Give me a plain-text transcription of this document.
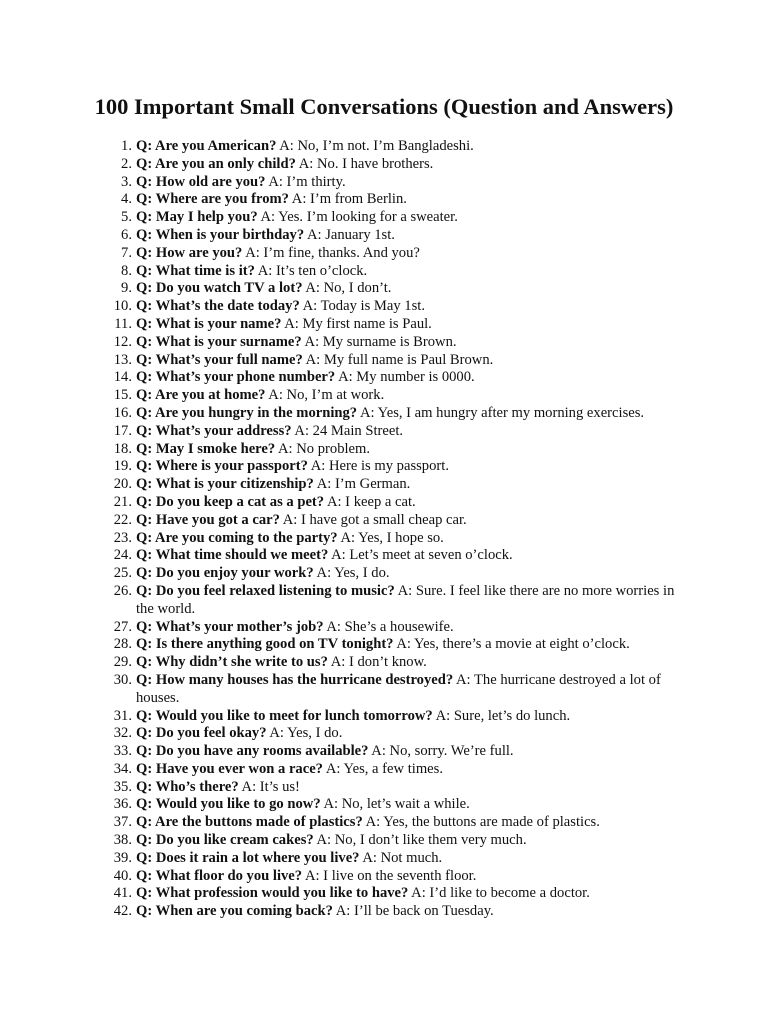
100 Important Small Conversations (Question and Answers)
1. Q: Are you American? A: No, I’m not. I’m Bangladeshi.
2. Q: Are you an only child? A: No. I have brothers.
3. Q: How old are you? A: I’m thirty.
4. Q: Where are you from? A: I’m from Berlin.
5. Q: May I help you? A: Yes. I’m looking for a sweater.
6. Q: When is your birthday? A: January 1st.
7. Q: How are you? A: I’m fine, thanks. And you?
8. Q: What time is it? A: It’s ten o’clock.
9. Q: Do you watch TV a lot? A: No, I don’t.
10. Q: What’s the date today? A: Today is May 1st.
11. Q: What is your name? A: My first name is Paul.
12. Q: What is your surname? A: My surname is Brown.
13. Q: What’s your full name? A: My full name is Paul Brown.
14. Q: What’s your phone number? A: My number is 0000.
15. Q: Are you at home? A: No, I’m at work.
16. Q: Are you hungry in the morning? A: Yes, I am hungry after my morning exercises.
17. Q: What’s your address? A: 24 Main Street.
18. Q: May I smoke here? A: No problem.
19. Q: Where is your passport? A: Here is my passport.
20. Q: What is your citizenship? A: I’m German.
21. Q: Do you keep a cat as a pet? A: I keep a cat.
22. Q: Have you got a car? A: I have got a small cheap car.
23. Q: Are you coming to the party? A: Yes, I hope so.
24. Q: What time should we meet? A: Let’s meet at seven o’clock.
25. Q: Do you enjoy your work? A: Yes, I do.
26. Q: Do you feel relaxed listening to music? A: Sure. I feel like there are no more worries in the world.
27. Q: What’s your mother’s job? A: She’s a housewife.
28. Q: Is there anything good on TV tonight? A: Yes, there’s a movie at eight o’clock.
29. Q: Why didn’t she write to us? A: I don’t know.
30. Q: How many houses has the hurricane destroyed? A: The hurricane destroyed a lot of houses.
31. Q: Would you like to meet for lunch tomorrow? A: Sure, let’s do lunch.
32. Q: Do you feel okay? A: Yes, I do.
33. Q: Do you have any rooms available? A: No, sorry. We’re full.
34. Q: Have you ever won a race? A: Yes, a few times.
35. Q: Who’s there? A: It’s us!
36. Q: Would you like to go now? A: No, let’s wait a while.
37. Q: Are the buttons made of plastics? A: Yes, the buttons are made of plastics.
38. Q: Do you like cream cakes? A: No, I don’t like them very much.
39. Q: Does it rain a lot where you live? A: Not much.
40. Q: What floor do you live? A: I live on the seventh floor.
41. Q: What profession would you like to have? A: I’d like to become a doctor.
42. Q: When are you coming back? A: I’ll be back on Tuesday.
